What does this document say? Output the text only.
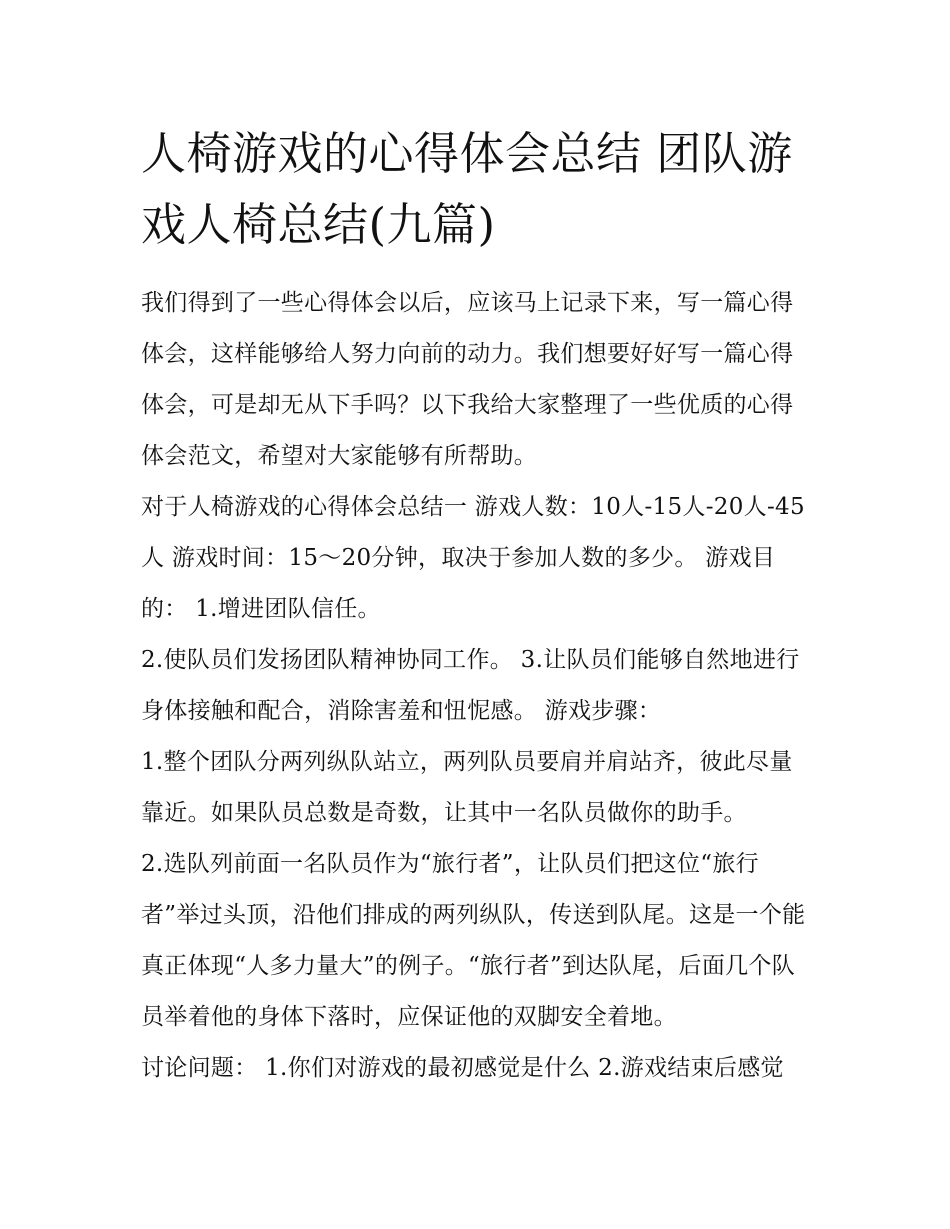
人椅游戏的心得体会总结 团队游戏人椅总结(九篇)

我们得到了一些心得体会以后，应该马上记录下来，写一篇心得体会，这样能够给人努力向前的动力。我们想要好好写一篇心得体会，可是却无从下手吗？以下我给大家整理了一些优质的心得体会范文，希望对大家能够有所帮助。

对于人椅游戏的心得体会总结一 游戏人数：10人-15人-20人-45人 游戏时间：15～20分钟，取决于参加人数的多少。 游戏目的： 1.增进团队信任。

2.使队员们发扬团队精神协同工作。 3.让队员们能够自然地进行身体接触和配合，消除害羞和忸怩感。 游戏步骤：

1.整个团队分两列纵队站立，两列队员要肩并肩站齐，彼此尽量靠近。如果队员总数是奇数，让其中一名队员做你的助手。

2.选队列前面一名队员作为“旅行者”，让队员们把这位“旅行者”举过头顶，沿他们排成的两列纵队，传送到队尾。这是一个能真正体现“人多力量大”的例子。“旅行者”到达队尾，后面几个队员举着他的身体下落时，应保证他的双脚安全着地。

讨论问题： 1.你们对游戏的最初感觉是什么 2.游戏结束后感觉
